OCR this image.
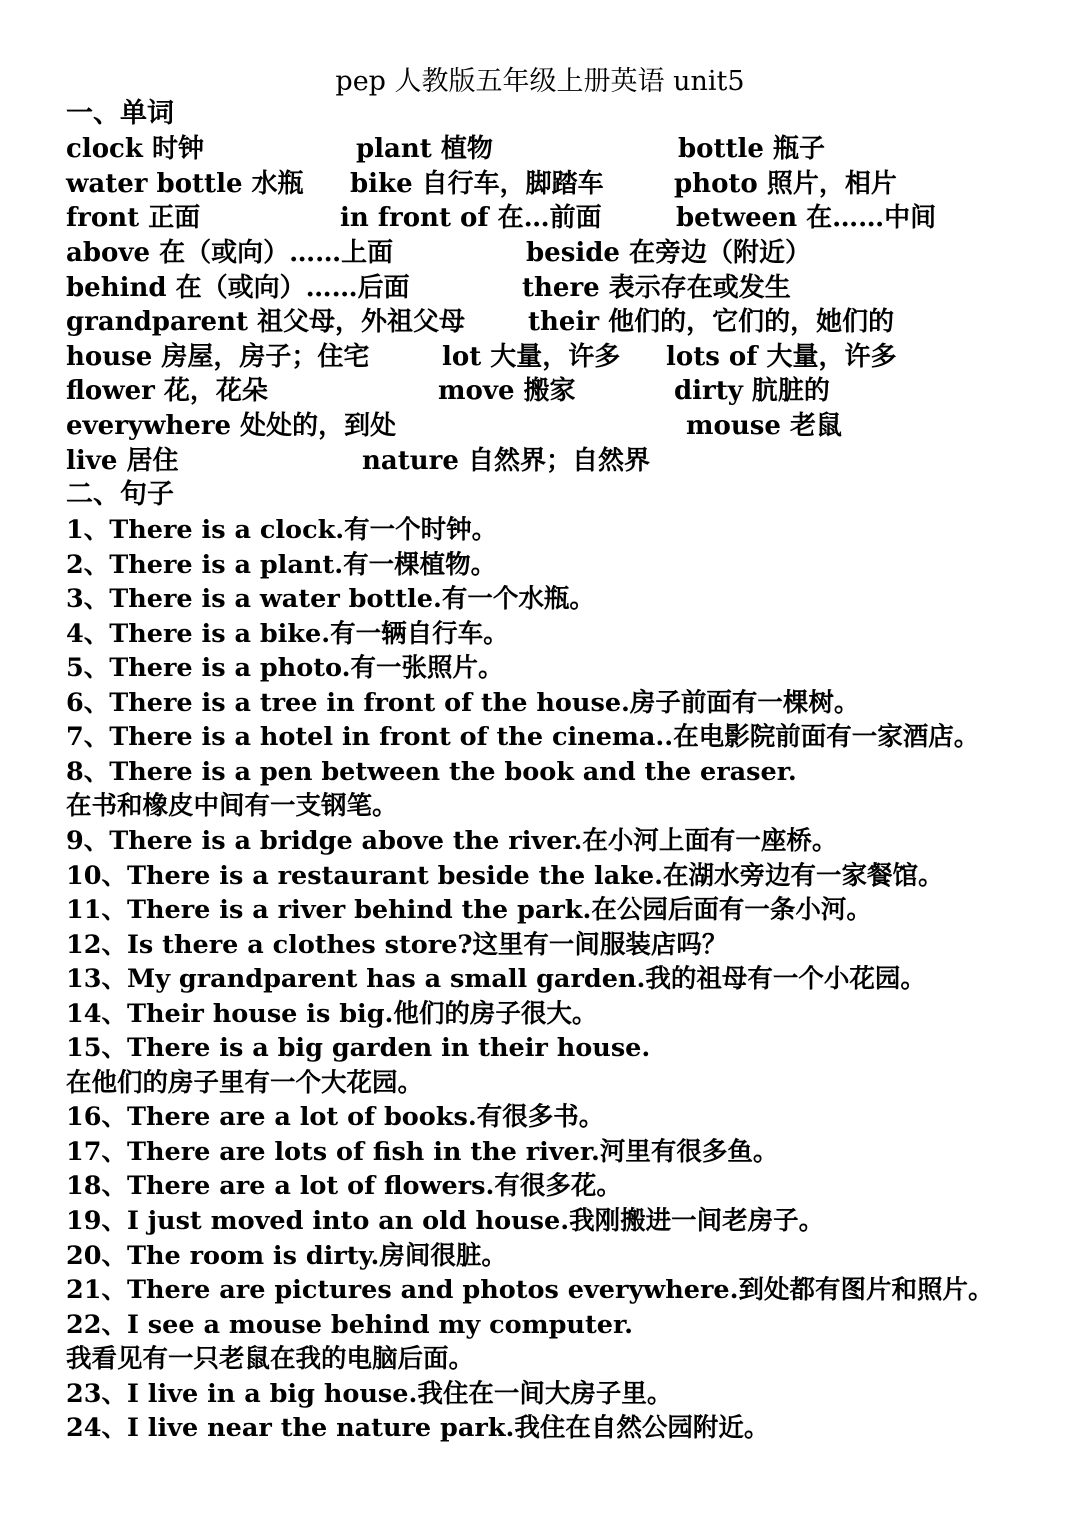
pep 人教版五年级上册英语 unit5
一、单词
clock 时钟	plant 植物	bottle 瓶子
water bottle 水瓶 bike 自行车，脚踏车	photo 照片，相片
front 正面	in front of 在…前面	between 在……中间
above 在（或向）……上面	beside 在旁边（附近）
behind 在（或向）……后面	there 表示存在或发生
grandparent 祖父母，外祖父母 their 他们的，它们的，她们的
house 房屋，房子；住宅	lot 大量，许多 lots of 大量，许多
flower 花，花朵	move 搬家	dirty 肮脏的
everywhere 处处的，到处	mouse 老鼠
live 居住	nature 自然界；自然界
二、句子
1、There is a clock.有一个时钟。
2、There is a plant.有一棵植物。
3、There is a water bottle.有一个水瓶。
4、There is a bike.有一辆自行车。
5、There is a photo.有一张照片。
6、There is a tree in front of the house.房子前面有一棵树。
7、There is a hotel in front of the cinema..在电影院前面有一家酒店。
8、There is a pen between the book and the eraser.
在书和橡皮中间有一支钢笔。
9、There is a bridge above the river.在小河上面有一座桥。
10、There is a restaurant beside the lake.在湖水旁边有一家餐馆。
11、There is a river behind the park.在公园后面有一条小河。
12、Is there a clothes store?这里有一间服装店吗？
13、My grandparent has a small garden.我的祖母有一个小花园。
14、Their house is big.他们的房子很大。
15、There is a big garden in their house.
在他们的房子里有一个大花园。
16、There are a lot of books.有很多书。
17、There are lots of fish in the river.河里有很多鱼。
18、There are a lot of flowers.有很多花。
19、I just moved into an old house.我刚搬进一间老房子。
20、The room is dirty.房间很脏。
21、There are pictures and photos everywhere.到处都有图片和照片。
22、I see a mouse behind my computer.
我看见有一只老鼠在我的电脑后面。
23、I live in a big house.我住在一间大房子里。
24、I live near the nature park.我住在自然公园附近。
